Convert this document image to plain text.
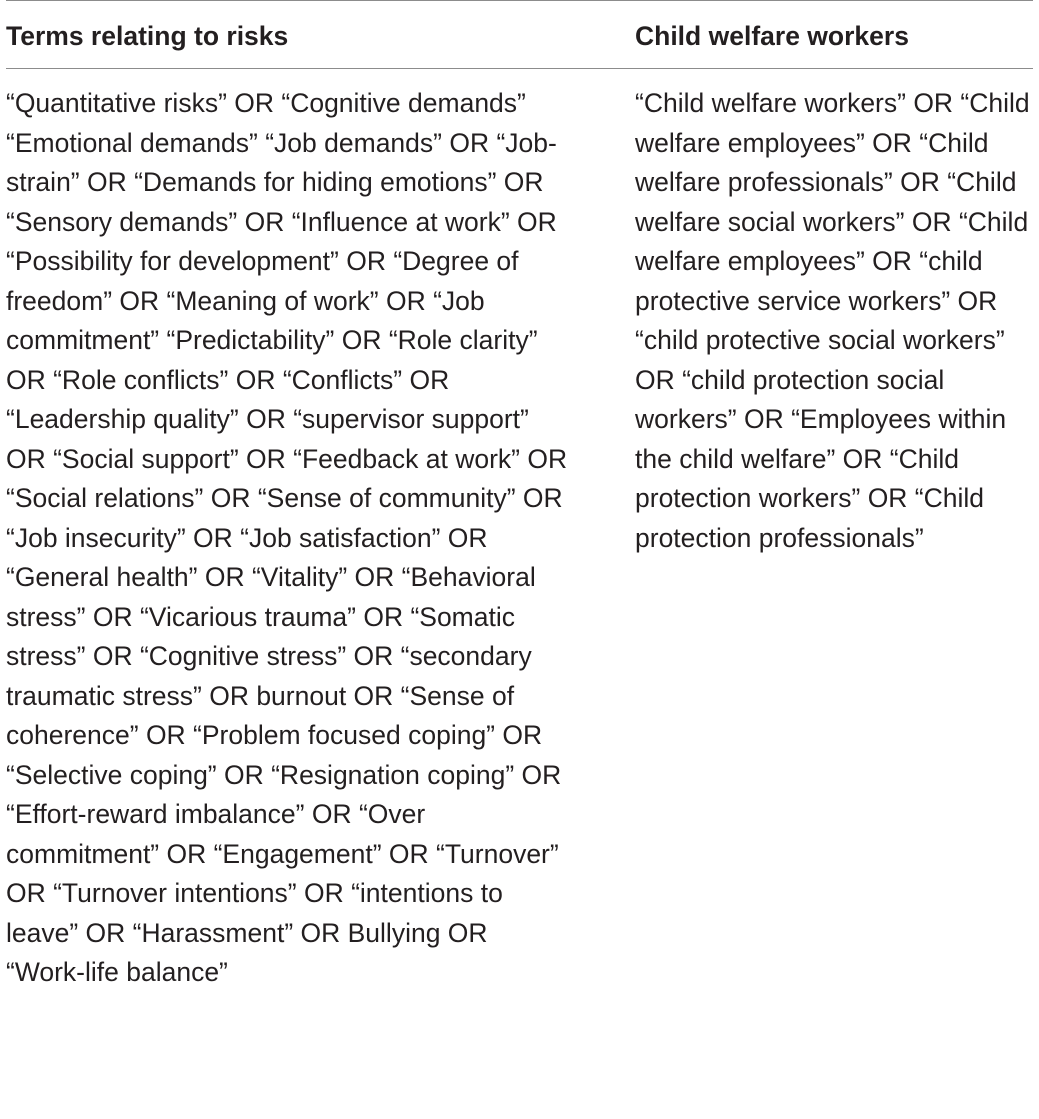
Terms relating to risks	Child welfare workers
“Quantitative risks” OR “Cognitive demands” “Emotional demands” “Job demands” OR “Job-strain” OR “Demands for hiding emotions” OR “Sensory demands” OR “Influence at work” OR “Possibility for development” OR “Degree of freedom” OR “Meaning of work” OR “Job commitment” “Predictability” OR “Role clarity” OR “Role conflicts” OR “Conflicts” OR “Leadership quality” OR “supervisor support” OR “Social support” OR “Feedback at work” OR “Social relations” OR “Sense of community” OR “Job insecurity” OR “Job satisfaction” OR “General health” OR “Vitality” OR “Behavioral stress” OR “Vicarious trauma” OR “Somatic stress” OR “Cognitive stress” OR “secondary traumatic stress” OR burnout OR “Sense of coherence” OR “Problem focused coping” OR “Selective coping” OR “Resignation coping” OR “Effort-reward imbalance” OR “Over commitment” OR “Engagement” OR “Turnover” OR “Turnover intentions” OR “intentions to leave” OR “Harassment” OR Bullying OR “Work-life balance”
“Child welfare workers” OR “Child welfare employees” OR “Child welfare professionals” OR “Child welfare social workers” OR “Child welfare employees” OR “child protective service workers” OR “child protective social workers” OR “child protection social workers” OR “Employees within the child welfare” OR “Child protection workers” OR “Child protection professionals”
